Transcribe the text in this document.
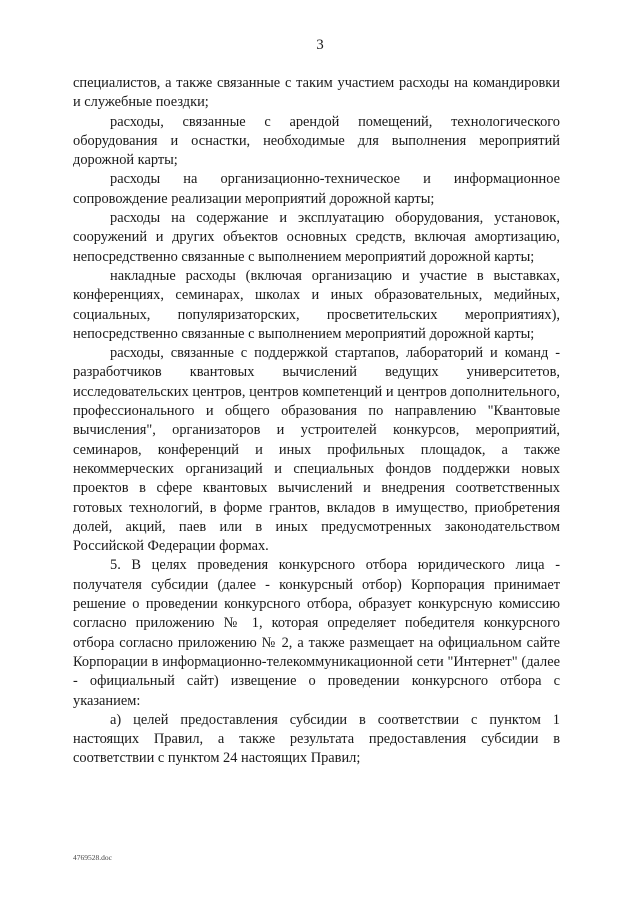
3

специалистов, а также связанные с таким участием расходы на командировки и служебные поездки;

расходы, связанные с арендой помещений, технологического оборудования и оснастки, необходимые для выполнения мероприятий дорожной карты;

расходы на организационно-техническое и информационное сопровождение реализации мероприятий дорожной карты;

расходы на содержание и эксплуатацию оборудования, установок, сооружений и других объектов основных средств, включая амортизацию, непосредственно связанные с выполнением мероприятий дорожной карты;

накладные расходы (включая организацию и участие в выставках, конференциях, семинарах, школах и иных образовательных, медийных, социальных, популяризаторских, просветительских мероприятиях), непосредственно связанные с выполнением мероприятий дорожной карты;

расходы, связанные с поддержкой стартапов, лабораторий и команд - разработчиков квантовых вычислений ведущих университетов, исследовательских центров, центров компетенций и центров дополнительного, профессионального и общего образования по направлению "Квантовые вычисления", организаторов и устроителей конкурсов, мероприятий, семинаров, конференций и иных профильных площадок, а также некоммерческих организаций и специальных фондов поддержки новых проектов в сфере квантовых вычислений и внедрения соответственных готовых технологий, в форме грантов, вкладов в имущество, приобретения долей, акций, паев или в иных предусмотренных законодательством Российской Федерации формах.

5. В целях проведения конкурсного отбора юридического лица - получателя субсидии (далее - конкурсный отбор) Корпорация принимает решение о проведении конкурсного отбора, образует конкурсную комиссию согласно приложению № 1, которая определяет победителя конкурсного отбора согласно приложению № 2, а также размещает на официальном сайте Корпорации в информационно-телекоммуникационной сети "Интернет" (далее - официальный сайт) извещение о проведении конкурсного отбора с указанием:

а) целей предоставления субсидии в соответствии с пунктом 1 настоящих Правил, а также результата предоставления субсидии в соответствии с пунктом 24 настоящих Правил;

4769528.doc
